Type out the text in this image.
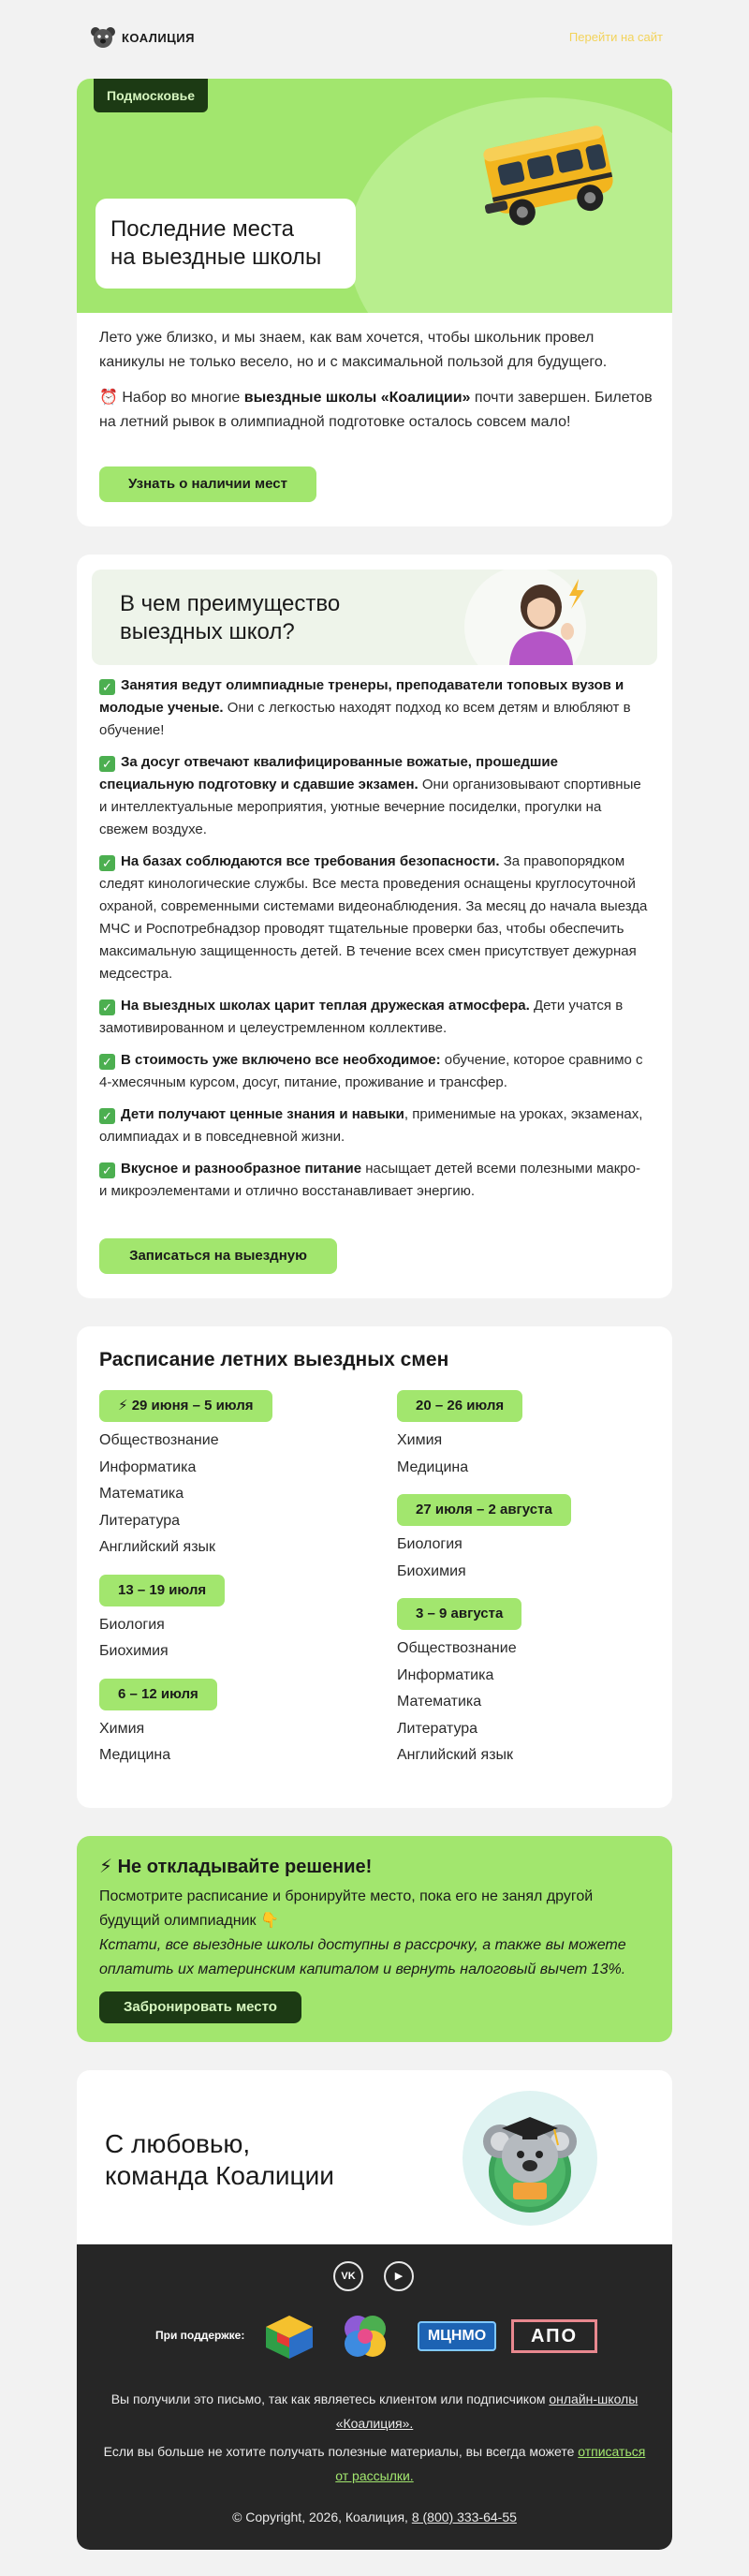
КОАЛИЦИЯ	Перейти на сайт
Подмосковье
Последние места
на выездные школы
Лето уже близко, и мы знаем, как вам хочется, чтобы школьник провел каникулы не только весело, но и с максимальной пользой для будущего.
⏰ Набор во многие выездные школы «Коалиции» почти завершен. Билетов на летний рывок в олимпиадной подготовке осталось совсем мало!
Узнать о наличии мест
В чем преимущество
выездных школ?
✓ Занятия ведут олимпиадные тренеры, преподаватели топовых вузов и молодые ученые. Они с легкостью находят подход ко всем детям и влюбляют в обучение!
✓ За досуг отвечают квалифицированные вожатые, прошедшие специальную подготовку и сдавшие экзамен. Они организовывают спортивные и интеллектуальные мероприятия, уютные вечерние посиделки, прогулки на свежем воздухе.
✓ На базах соблюдаются все требования безопасности. За правопорядком следят кинологические службы. Все места проведения оснащены круглосуточной охраной, современными системами видеонаблюдения. За месяц до начала выезда МЧС и Роспотребнадзор проводят тщательные проверки баз, чтобы обеспечить максимальную защищенность детей. В течение всех смен присутствует дежурная медсестра.
✓ На выездных школах царит теплая дружеская атмосфера. Дети учатся в замотивированном и целеустремленном коллективе.
✓ В стоимость уже включено все необходимое: обучение, которое сравнимо с 4-хмесячным курсом, досуг, питание, проживание и трансфер.
✓ Дети получают ценные знания и навыки, применимые на уроках, экзаменах, олимпиадах и в повседневной жизни.
✓ Вкусное и разнообразное питание насыщает детей всеми полезными макро- и микроэлементами и отлично восстанавливает энергию.
Записаться на выездную
Расписание летних выездных смен
⚡ 29 июня – 5 июля
Обществознание
Информатика
Математика
Литература
Английский язык
13 – 19 июля
Биология
Биохимия
6 – 12 июля
Химия
Медицина
20 – 26 июля
Химия
Медицина
27 июля – 2 августа
Биология
Биохимия
3 – 9 августа
Обществознание
Информатика
Математика
Литература
Английский язык
⚡ Не откладывайте решение!
Посмотрите расписание и бронируйте место, пока его не занял другой будущий олимпиадник 👇
Кстати, все выездные школы доступны в рассрочку, а также вы можете оплатить их материнским капиталом и вернуть налоговый вычет 13%.
Забронировать место
С любовью,
команда Коалиции
VK	▶
При поддержке:	МЦНМО	АПО
Вы получили это письмо, так как являетесь клиентом или подписчиком онлайн-школы «Коалиция».
Если вы больше не хотите получать полезные материалы, вы всегда можете отписаться от рассылки.
© Copyright, 2026, Коалиция, 8 (800) 333-64-55
